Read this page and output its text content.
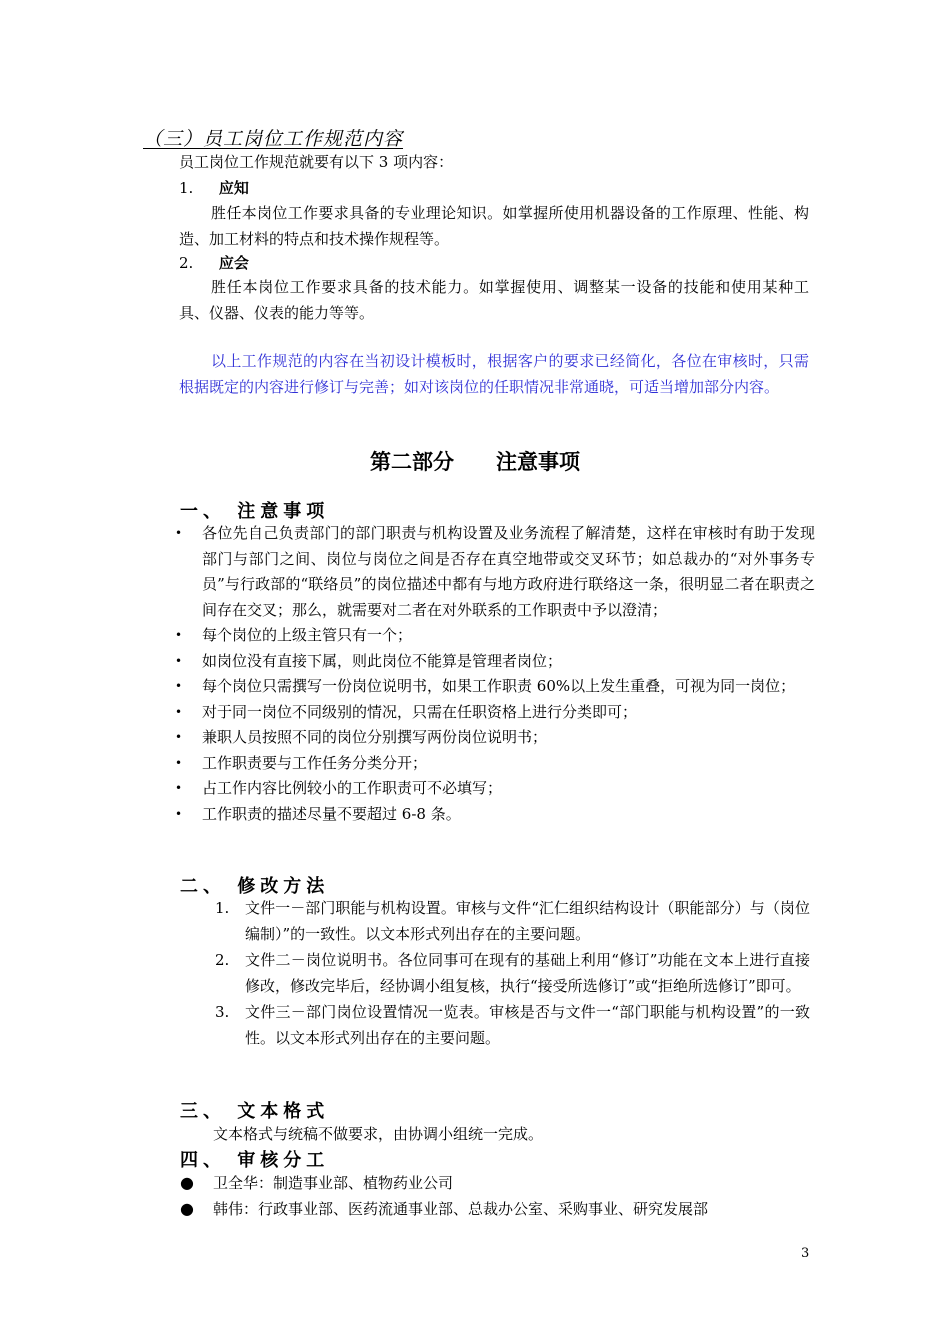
（三）员工岗位工作规范内容
员工岗位工作规范就要有以下 3 项内容：
1. 应知
胜任本岗位工作要求具备的专业理论知识。如掌握所使用机器设备的工作原理、性能、构造、加工材料的特点和技术操作规程等。
2. 应会
胜任本岗位工作要求具备的技术能力。如掌握使用、调整某一设备的技能和使用某种工具、仪器、仪表的能力等等。
以上工作规范的内容在当初设计模板时，根据客户的要求已经简化，各位在审核时，只需根据既定的内容进行修订与完善；如对该岗位的任职情况非常通晓，可适当增加部分内容。
第二部分 注意事项
一、 注意事项
• 各位先自己负责部门的部门职责与机构设置及业务流程了解清楚，这样在审核时有助于发现部门与部门之间、岗位与岗位之间是否存在真空地带或交叉环节；如总裁办的“对外事务专员”与行政部的“联络员”的岗位描述中都有与地方政府进行联络这一条，很明显二者在职责之间存在交叉；那么，就需要对二者在对外联系的工作职责中予以澄清；
• 每个岗位的上级主管只有一个；
• 如岗位没有直接下属，则此岗位不能算是管理者岗位；
• 每个岗位只需撰写一份岗位说明书，如果工作职责 60%以上发生重叠，可视为同一岗位；
• 对于同一岗位不同级别的情况，只需在任职资格上进行分类即可；
• 兼职人员按照不同的岗位分别撰写两份岗位说明书；
• 工作职责要与工作任务分类分开；
• 占工作内容比例较小的工作职责可不必填写；
• 工作职责的描述尽量不要超过 6-8 条。
二、 修改方法
1. 文件一－部门职能与机构设置。审核与文件“汇仁组织结构设计（职能部分）与（岗位编制）”的一致性。以文本形式列出存在的主要问题。
2. 文件二－岗位说明书。各位同事可在现有的基础上利用“修订”功能在文本上进行直接修改，修改完毕后，经协调小组复核，执行“接受所选修订”或“拒绝所选修订”即可。
3. 文件三－部门岗位设置情况一览表。审核是否与文件一“部门职能与机构设置”的一致性。以文本形式列出存在的主要问题。
三、 文本格式
文本格式与统稿不做要求，由协调小组统一完成。
四、 审核分工
● 卫全华：制造事业部、植物药业公司
● 韩伟：行政事业部、医药流通事业部、总裁办公室、采购事业、研究发展部
3
